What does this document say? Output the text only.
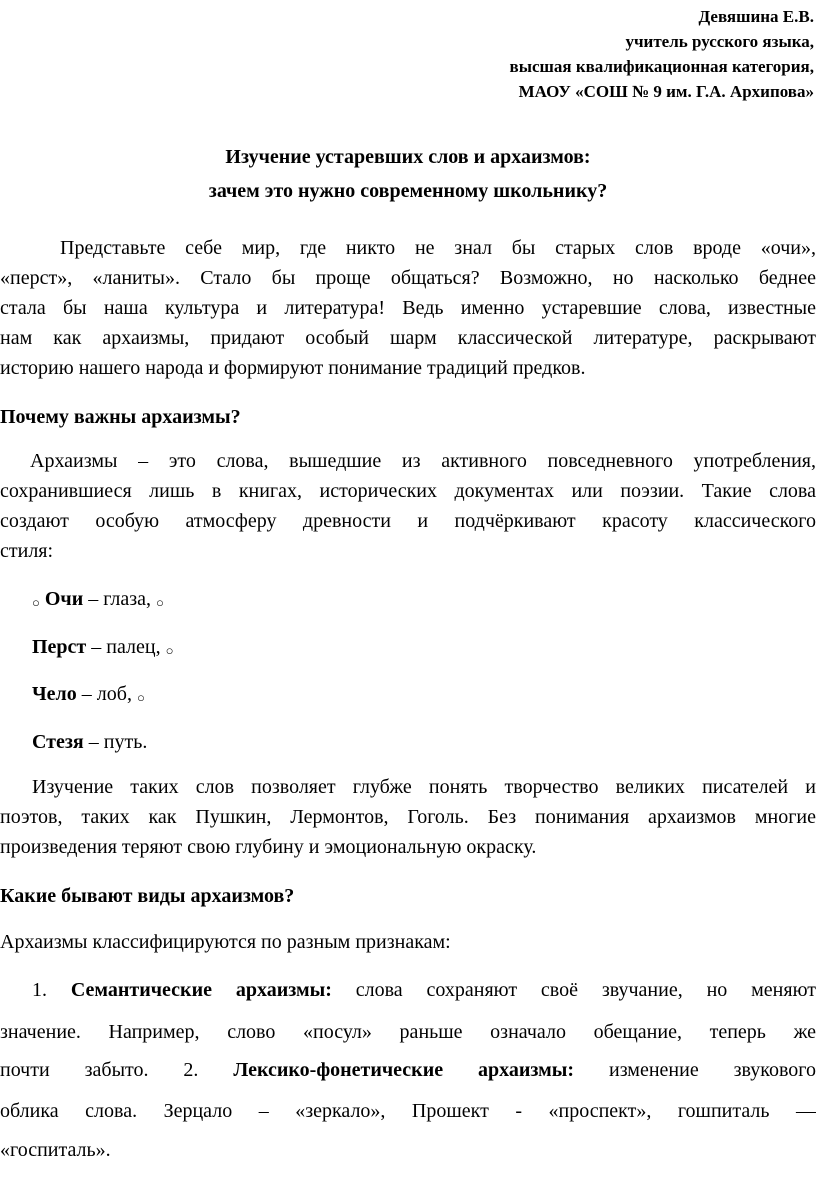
Девяшина Е.В.
учитель русского языка,
высшая квалификационная категория,
МАОУ «СОШ № 9 им. Г.А. Архипова»
Изучение устаревших слов и архаизмов:
зачем это нужно современному школьнику?
Представьте себе мир, где никто не знал бы старых слов вроде «очи»,
«перст», «ланиты». Стало бы проще общаться? Возможно, но насколько беднее
стала бы наша культура и литература! Ведь именно устаревшие слова, известные
нам как архаизмы, придают особый шарм классической литературе, раскрывают
историю нашего народа и формируют понимание традиций предков.
Почему важны архаизмы?
Архаизмы – это слова, вышедшие из активного повседневного употребления,
сохранившиеся лишь в книгах, исторических документах или поэзии. Такие слова
создают особую атмосферу древности и подчёркивают красоту классического
стиля:
○ Очи – глаза, ○
Перст – палец, ○
Чело – лоб, ○
Стезя – путь.
Изучение таких слов позволяет глубже понять творчество великих писателей и
поэтов, таких как Пушкин, Лермонтов, Гоголь. Без понимания архаизмов многие
произведения теряют свою глубину и эмоциональную окраску.
Какие бывают виды архаизмов?
Архаизмы классифицируются по разным признакам:
1. Семантические архаизмы: слова сохраняют своё звучание, но меняют
значение. Например, слово «посул» раньше означало обещание, теперь же
почти забыто. 2. Лексико-фонетические архаизмы: изменение звукового
облика слова. Зерцало – «зеркало», Прошект - «проспект», гошпиталь —
«госпиталь».
